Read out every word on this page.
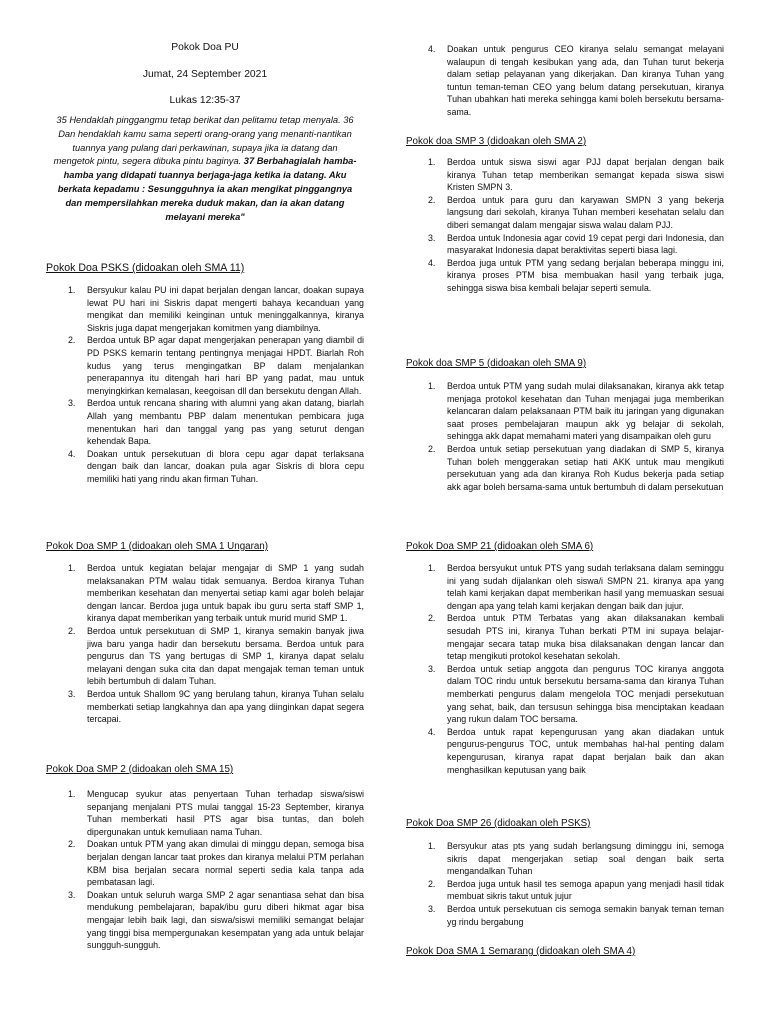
Pokok Doa PU
Jumat, 24 September 2021
Lukas 12:35-37
35 Hendaklah pinggangmu tetap berikat dan pelitamu tetap menyala. 36 Dan hendaklah kamu sama seperti orang-orang yang menanti-nantikan tuannya yang pulang dari perkawinan, supaya jika ia datang dan mengetok pintu, segera dibuka pintu baginya. 37 Berbahagialah hamba-hamba yang didapati tuannya berjaga-jaga ketika ia datang. Aku berkata kepadamu : Sesungguhnya ia akan mengikat pinggangnya dan mempersilahkan mereka duduk makan, dan ia akan datang melayani mereka"
Pokok Doa PSKS (didoakan oleh SMA 11)
1. Bersyukur kalau PU ini dapat berjalan dengan lancar, doakan supaya lewat PU hari ini Siskris dapat mengerti bahaya kecanduan yang mengikat dan memiliki keinginan untuk meninggalkannya, kiranya Siskris juga dapat mengerjakan komitmen yang diambilnya.
2. Berdoa untuk BP agar dapat mengerjakan penerapan yang diambil di PD PSKS kemarin tentang pentingnya menjagai HPDT. Biarlah Roh kudus yang terus mengingatkan BP dalam menjalankan penerapannya itu ditengah hari hari BP yang padat, mau untuk menyingkirkan kemalasan, keegoisan dll dan bersekutu dengan Allah.
3. Berdoa untuk rencana sharing with alumni yang akan datang, biarlah Allah yang membantu PBP dalam menentukan pembicara juga menentukan hari dan tanggal yang pas yang seturut dengan kehendak Bapa.
4. Doakan untuk persekutuan di blora cepu agar dapat terlaksana dengan baik dan lancar, doakan pula agar Siskris di blora cepu memiliki hati yang rindu akan firman Tuhan.
Pokok Doa SMP 1 (didoakan oleh SMA 1 Ungaran)
1. Berdoa untuk kegiatan belajar mengajar di SMP 1 yang sudah melaksanakan PTM walau tidak semuanya. Berdoa kiranya Tuhan memberikan kesehatan dan menyertai setiap kami agar boleh belajar dengan lancar. Berdoa juga untuk bapak ibu guru serta staff SMP 1, kiranya dapat memberikan yang terbaik untuk murid murid SMP 1.
2. Berdoa untuk persekutuan di SMP 1, kiranya semakin banyak jiwa jiwa baru yanga hadir dan bersekutu bersama. Berdoa untuk para pengurus dan TS yang bertugas di SMP 1, kiranya dapat selalu melayani dengan suka cita dan dapat mengajak teman teman untuk lebih bertumbuh di dalam Tuhan.
3. Berdoa untuk Shallom 9C yang berulang tahun, kiranya Tuhan selalu memberkati setiap langkahnya dan apa yang diinginkan dapat segera tercapai.
Pokok Doa SMP 2 (didoakan oleh SMA 15)
1. Mengucap syukur atas penyertaan Tuhan terhadap siswa/siswi sepanjang menjalani PTS mulai tanggal 15-23 September, kiranya Tuhan memberkati hasil PTS agar bisa tuntas, dan boleh dipergunakan untuk kemuliaan nama Tuhan.
2. Doakan untuk PTM yang akan dimulai di minggu depan, semoga bisa berjalan dengan lancar taat prokes dan kiranya melalui PTM perlahan KBM bisa berjalan secara normal seperti sedia kala tanpa ada pembatasan lagi.
3. Doakan untuk seluruh warga SMP 2 agar senantiasa sehat dan bisa mendukung pembelajaran, bapak/ibu guru diberi hikmat agar bisa mengajar lebih baik lagi, dan siswa/siswi memiliki semangat belajar yang tinggi bisa mempergunakan kesempatan yang ada untuk belajar sungguh-sungguh.
4. Doakan untuk pengurus CEO kiranya selalu semangat melayani walaupun di tengah kesibukan yang ada, dan Tuhan turut bekerja dalam setiap pelayanan yang dikerjakan. Dan kiranya Tuhan yang tuntun teman-teman CEO yang belum datang persekutuan, kiranya Tuhan ubahkan hati mereka sehingga kami boleh bersekutu bersama-sama.
Pokok doa SMP 3 (didoakan oleh SMA 2)
1. Berdoa untuk siswa siswi agar PJJ dapat berjalan dengan baik kiranya Tuhan tetap memberikan semangat kepada siswa siswi Kristen SMPN 3.
2. Berdoa untuk para guru dan karyawan SMPN 3 yang bekerja langsung dari sekolah, kiranya Tuhan memberi kesehatan selalu dan diberi semangat dalam mengajar siswa walau dalam PJJ.
3. Berdoa untuk Indonesia agar covid 19 cepat pergi dari Indonesia, dan masyarakat Indonesia dapat beraktivitas seperti biasa lagi.
4. Berdoa juga untuk PTM yang sedang berjalan beberapa minggu ini, kiranya proses PTM bisa membuakan hasil yang terbaik juga, sehingga siswa bisa kembali belajar seperti semula.
Pokok doa SMP 5 (didoakan oleh SMA 9)
1. Berdoa untuk PTM yang sudah mulai dilaksanakan, kiranya akk tetap menjaga protokol kesehatan dan Tuhan menjagai juga memberikan kelancaran dalam pelaksanaan PTM baik itu jaringan yang digunakan saat proses pembelajaran maupun akk yg belajar di sekolah, sehingga akk dapat memahami materi yang disampaikan oleh guru
2. Berdoa untuk setiap persekutuan yang diadakan di SMP 5, kiranya Tuhan boleh menggerakan setiap hati AKK untuk mau mengikuti persekutuan yang ada dan kiranya Roh Kudus bekerja pada setiap akk agar boleh bersama-sama untuk bertumbuh di dalam persekutuan
Pokok Doa SMP 21 (didoakan oleh SMA 6)
1. Berdoa bersyukut untuk PTS yang sudah terlaksana dalam seminggu ini yang sudah dijalankan oleh siswa/i SMPN 21. kiranya apa yang telah kami kerjakan dapat memberikan hasil yang memuaskan sesuai dengan apa yang telah kami kerjakan dengan baik dan jujur.
2. Berdoa untuk PTM Terbatas yang akan dilaksanakan kembali sesudah PTS ini, kiranya Tuhan berkati PTM ini supaya belajar-mengajar secara tatap muka bisa dilaksanakan dengan lancar dan tetap mengikuti protokol kesehatan sekolah.
3. Berdoa untuk setiap anggota dan pengurus TOC kiranya anggota dalam TOC rindu untuk bersekutu bersama-sama dan kiranya Tuhan memberkati pengurus dalam mengelola TOC menjadi persekutuan yang sehat, baik, dan tersusun sehingga bisa menciptakan keadaan yang rukun dalam TOC bersama.
4. Berdoa untuk rapat kepengurusan yang akan diadakan untuk pengurus-pengurus TOC, untuk membahas hal-hal penting dalam kepengurusan, kiranya rapat dapat berjalan baik dan akan menghasilkan keputusan yang baik
Pokok Doa SMP 26 (didoakan oleh PSKS)
1. Bersyukur atas pts yang sudah berlangsung diminggu ini, semoga sikris dapat mengerjakan setiap soal dengan baik serta mengandalkan Tuhan
2. Berdoa juga untuk hasil tes semoga apapun yang menjadi hasil tidak membuat sikris takut untuk jujur
3. Berdoa untuk persekutuan cis semoga semakin banyak teman teman yg rindu bergabung
Pokok Doa SMA 1 Semarang (didoakan oleh SMA 4)
